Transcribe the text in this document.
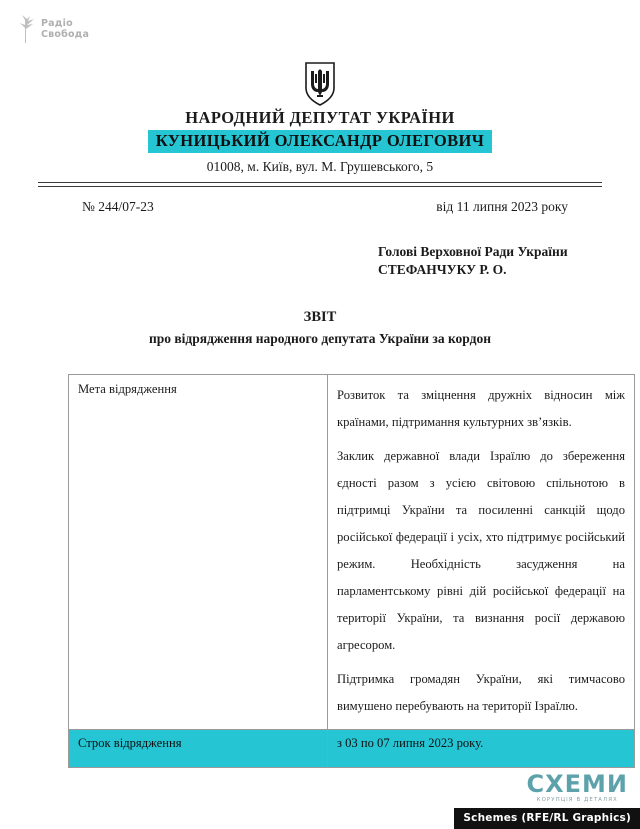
Радіо
Свобода
НАРОДНИЙ ДЕПУТАТ УКРАЇНИ
КУНИЦЬКИЙ ОЛЕКСАНДР ОЛЕГОВИЧ
01008, м. Київ, вул. М. Грушевського, 5
№ 244/07-23	від 11 липня 2023 року
Голові Верховної Ради України
СТЕФАНЧУКУ Р. О.
ЗВІТ
про відрядження народного депутата України за кордон
Мета відрядження	Розвиток та зміцнення дружніх відносин між країнами, підтримання культурних зв’язків.

Заклик державної влади Ізраїлю до збереження єдності разом з усією світовою спільнотою в підтримці України та посиленні санкцій щодо російської федерації і усіх, хто підтримує російський режим. Необхідність засудження на парламентському рівні дій російської федерації на території України, та визнання росії державою агресором.

Підтримка громадян України, які тимчасово вимушено перебувають на території Ізраїлю.

Строк відрядження	з 03 по 07 липня 2023 року.
СХЕМИ
КОРУПЦІЯ В ДЕТАЛЯХ
Schemes (RFE/RL Graphics)
